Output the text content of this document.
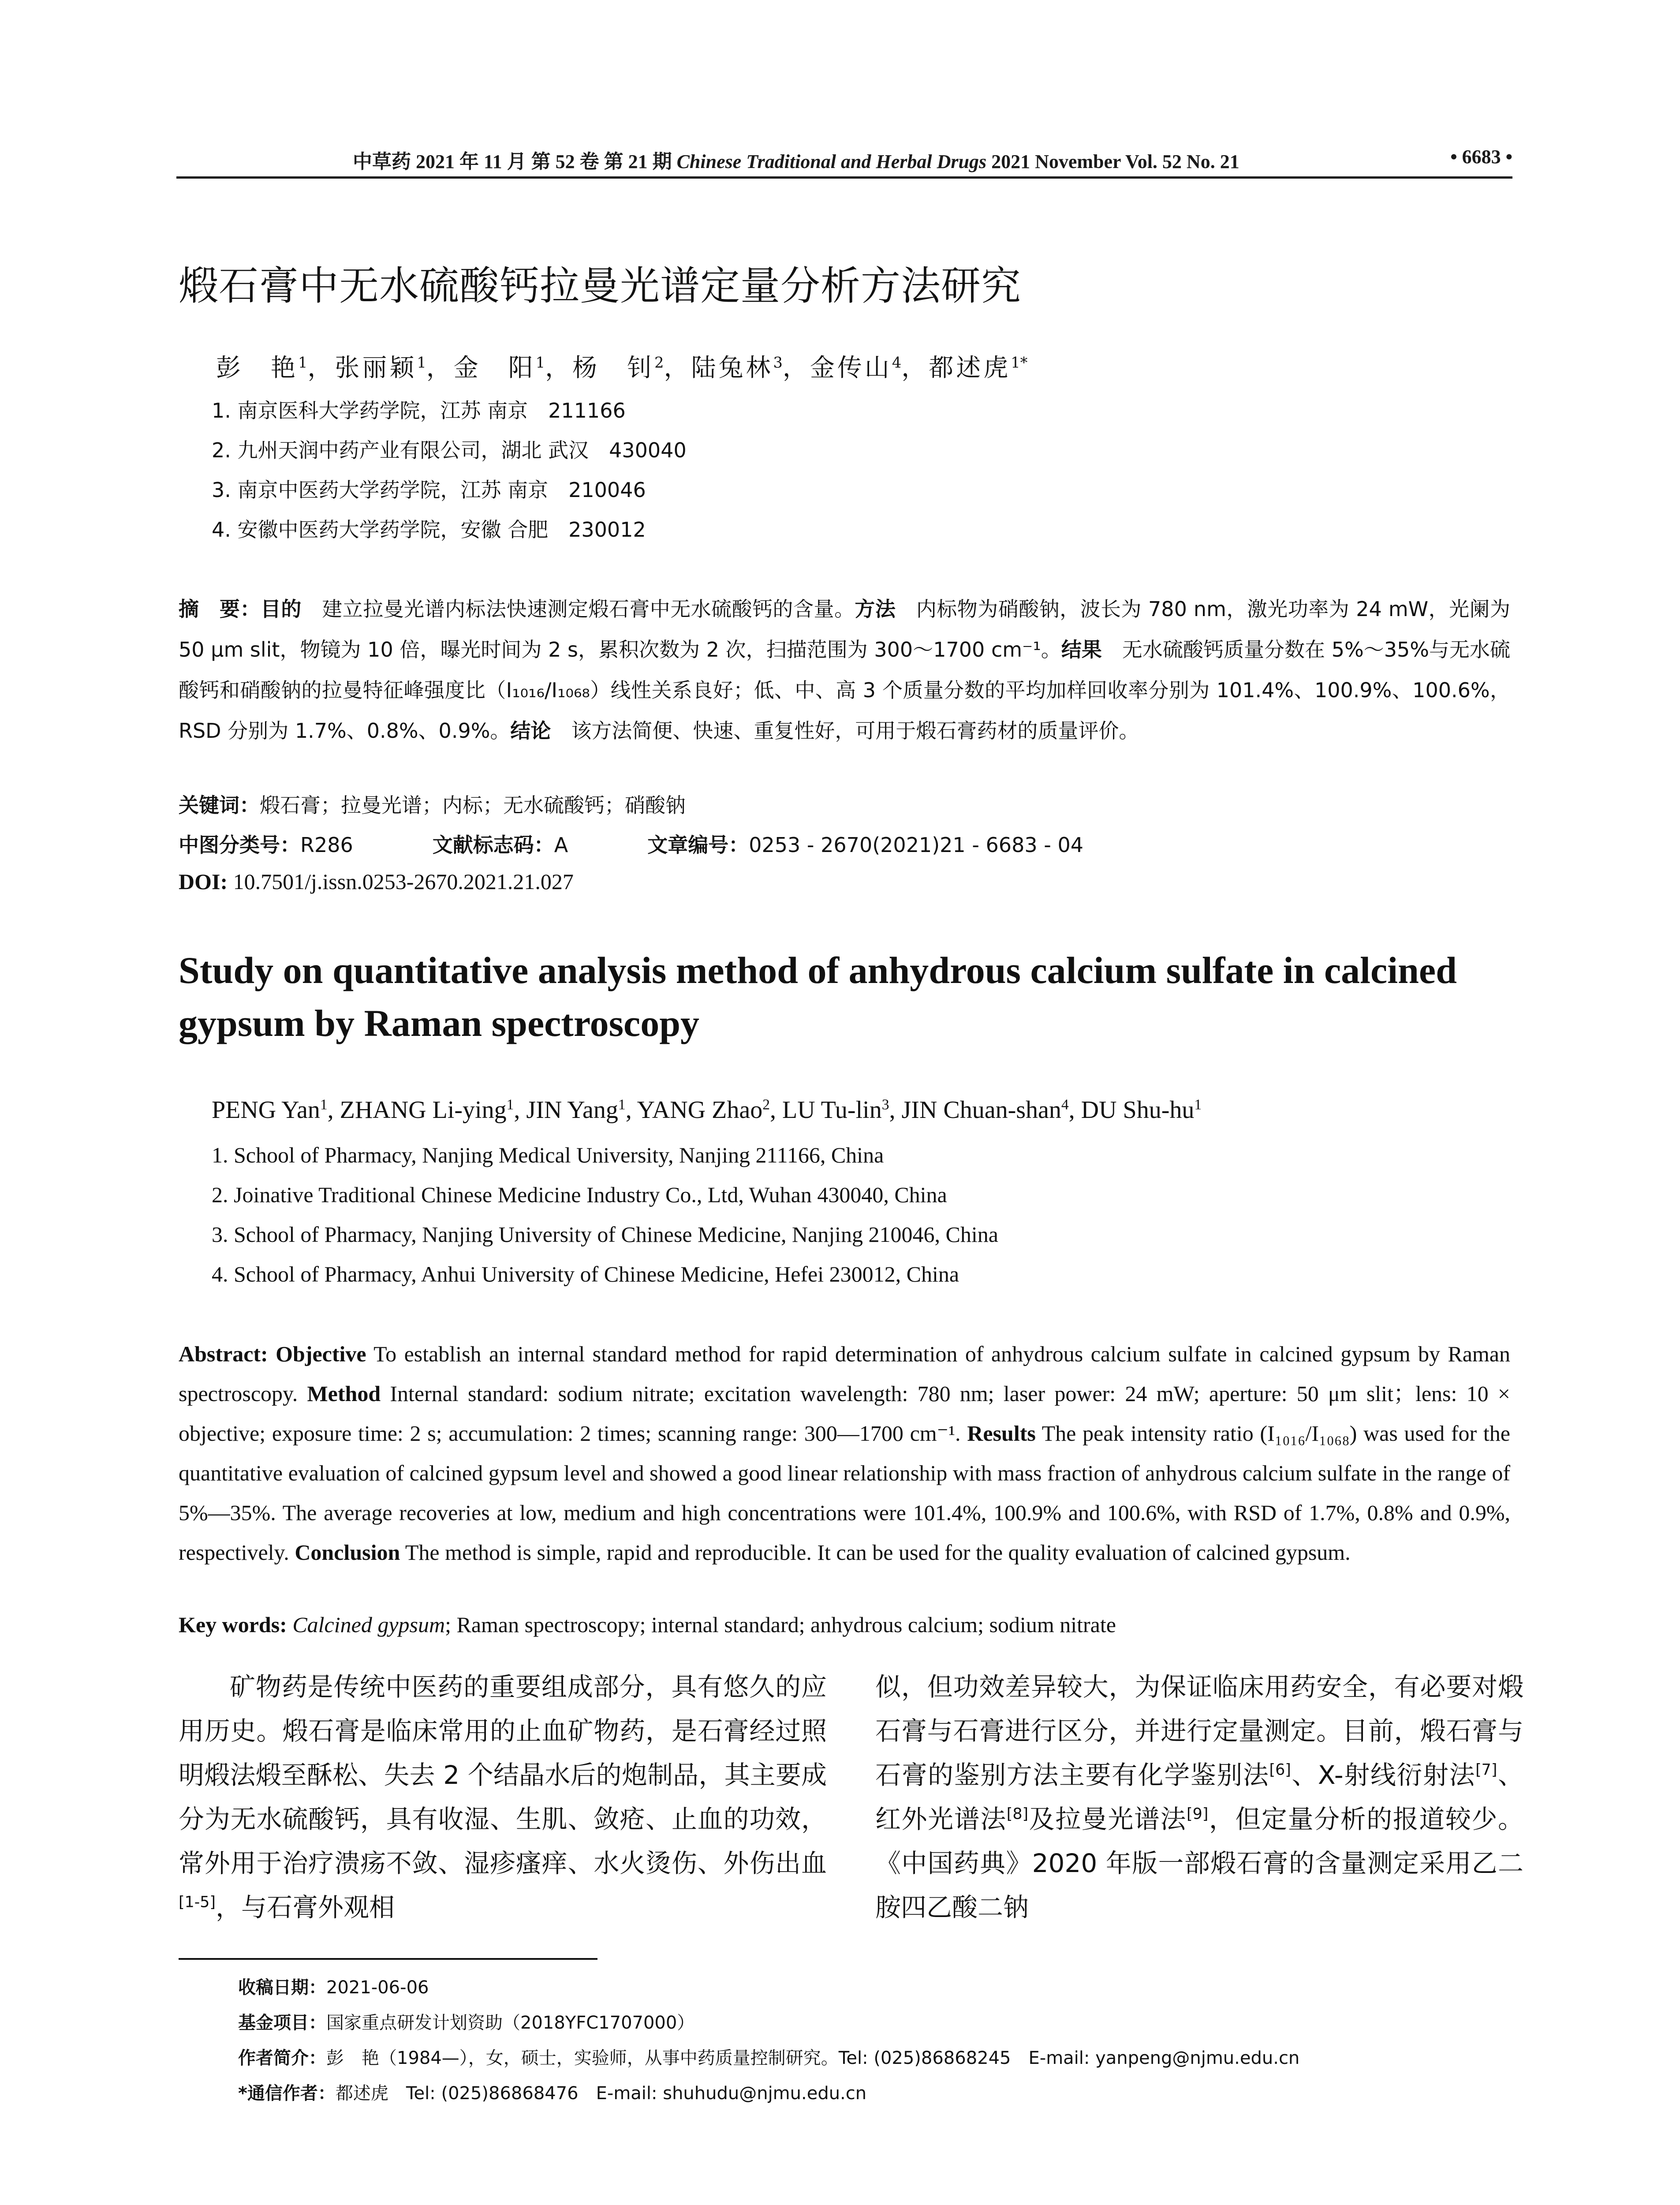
中草药 2021 年 11 月 第 52 卷 第 21 期 Chinese Traditional and Herbal Drugs 2021 November Vol. 52 No. 21	• 6683 •
煅石膏中无水硫酸钙拉曼光谱定量分析方法研究
彭　艳$^1$，张丽颖$^1$，金　阳$^1$，杨　钊$^2$，陆兔林$^3$，金传山$^4$，都述虎$^{1*}$
1. 南京医科大学药学院，江苏 南京　211166
2. 九州天润中药产业有限公司，湖北 武汉　430040
3. 南京中医药大学药学院，江苏 南京　210046
4. 安徽中医药大学药学院，安徽 合肥　230012
摘　要：目的　建立拉曼光谱内标法快速测定煅石膏中无水硫酸钙的含量。方法　内标物为硝酸钠，波长为 780 nm，激光功率为 24 mW，光阑为 50 μm slit，物镜为 10 倍，曝光时间为 2 s，累积次数为 2 次，扫描范围为 300～1700 cm⁻¹。结果　无水硫酸钙质量分数在 5%～35%与无水硫酸钙和硝酸钠的拉曼特征峰强度比（I₁₀₁₆/I₁₀₆₈）线性关系良好；低、中、高 3 个质量分数的平均加样回收率分别为 101.4%、100.9%、100.6%，RSD 分别为 1.7%、0.8%、0.9%。结论　该方法简便、快速、重复性好，可用于煅石膏药材的质量评价。
关键词：煅石膏；拉曼光谱；内标；无水硫酸钙；硝酸钠
中图分类号：R286	文献标志码：A	文章编号：0253 - 2670(2021)21 - 6683 - 04
DOI: 10.7501/j.issn.0253-2670.2021.21.027
Study on quantitative analysis method of anhydrous calcium sulfate in calcined gypsum by Raman spectroscopy
PENG Yan$^1$, ZHANG Li-ying$^1$, JIN Yang$^1$, YANG Zhao$^2$, LU Tu-lin$^3$, JIN Chuan-shan$^4$, DU Shu-$hu^1$
1. School of Pharmacy, Nanjing Medical University, Nanjing 211166, China
2. Joinative Traditional Chinese Medicine Industry Co., Ltd, Wuhan 430040, China
3. School of Pharmacy, Nanjing University of Chinese Medicine, Nanjing 210046, China
4. School of Pharmacy, Anhui University of Chinese Medicine, Hefei 230012, China
Abstract: Objective To establish an internal standard method for rapid determination of anhydrous calcium sulfate in calcined gypsum by Raman spectroscopy. Method Internal standard: sodium nitrate; excitation wavelength: 780 nm; laser power: 24 mW; aperture: 50 μm slit；lens: 10 × objective; exposure time: 2 s; accumulation: 2 times; scanning range: 300—1700 cm⁻¹. Results The peak intensity ratio (I₁₀₁₆/I₁₀₆₈) was used for the quantitative evaluation of calcined gypsum level and showed a good linear relationship with mass fraction of anhydrous calcium sulfate in the range of 5%—35%. The average recoveries at low, medium and high concentrations were 101.4%, 100.9% and 100.6%, with RSD of 1.7%, 0.8% and 0.9%, respectively. Conclusion The method is simple, rapid and reproducible. It can be used for the quality evaluation of calcined gypsum.
Key words: Calcined gypsum; Raman spectroscopy; internal standard; anhydrous calcium; sodium nitrate
矿物药是传统中医药的重要组成部分，具有悠久的应用历史。煅石膏是临床常用的止血矿物药，是石膏经过照明煅法煅至酥松、失去 2 个结晶水后的炮制品，其主要成分为无水硫酸钙，具有收湿、生肌、敛疮、止血的功效，常外用于治疗溃疡不敛、湿疹瘙痒、水火烫伤、外伤出血[1-5]，与石膏外观相
似，但功效差异较大，为保证临床用药安全，有必要对煅石膏与石膏进行区分，并进行定量测定。目前，煅石膏与石膏的鉴别方法主要有化学鉴别法[6]、X-射线衍射法[7]、红外光谱法[8]及拉曼光谱法[9]，但定量分析的报道较少。《中国药典》2020 年版一部煅石膏的含量测定采用乙二胺四乙酸二钠
收稿日期：2021-06-06
基金项目：国家重点研发计划资助（2018YFC1707000）
作者简介：彭　艳（1984—），女，硕士，实验师，从事中药质量控制研究。Tel: (025)86868245　E-mail: yanpeng@njmu.edu.cn
*通信作者：都述虎　Tel: (025)86868476　E-mail: shuhudu@njmu.edu.cn
